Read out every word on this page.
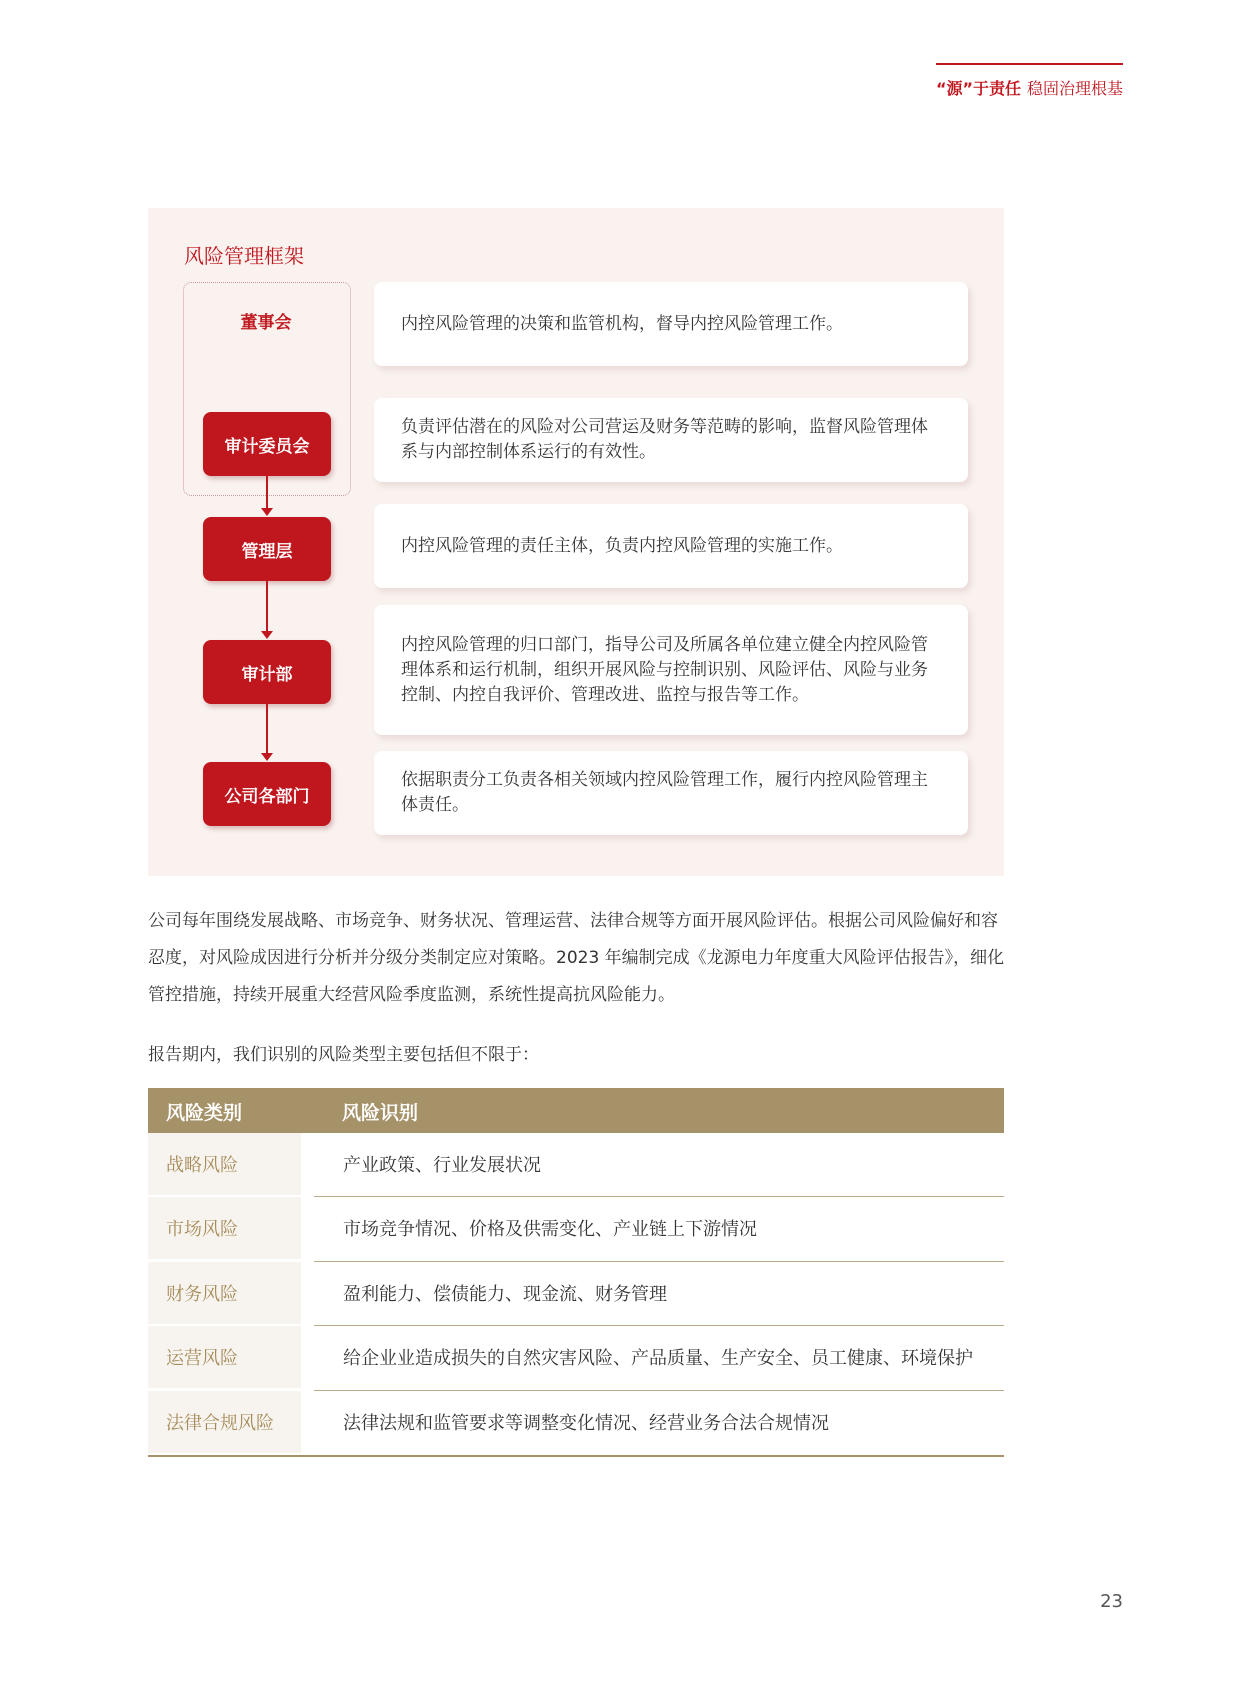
“源”于责任 稳固治理根基
风险管理框架
董事会
审计委员会
管理层
审计部
公司各部门
内控风险管理的决策和监管机构，督导内控风险管理工作。
负责评估潜在的风险对公司营运及财务等范畴的影响，监督风险管理体系与内部控制体系运行的有效性。
内控风险管理的责任主体，负责内控风险管理的实施工作。
内控风险管理的归口部门，指导公司及所属各单位建立健全内控风险管理体系和运行机制，组织开展风险与控制识别、风险评估、风险与业务控制、内控自我评价、管理改进、监控与报告等工作。
依据职责分工负责各相关领域内控风险管理工作，履行内控风险管理主体责任。
公司每年围绕发展战略、市场竞争、财务状况、管理运营、法律合规等方面开展风险评估。根据公司风险偏好和容忍度，对风险成因进行分析并分级分类制定应对策略。2023 年编制完成《龙源电力年度重大风险评估报告》，细化管控措施，持续开展重大经营风险季度监测，系统性提高抗风险能力。
报告期内，我们识别的风险类型主要包括但不限于：
风险类别	风险识别
战略风险	产业政策、行业发展状况
市场风险	市场竞争情况、价格及供需变化、产业链上下游情况
财务风险	盈利能力、偿债能力、现金流、财务管理
运营风险	给企业业造成损失的自然灾害风险、产品质量、生产安全、员工健康、环境保护
法律合规风险	法律法规和监管要求等调整变化情况、经营业务合法合规情况
23
